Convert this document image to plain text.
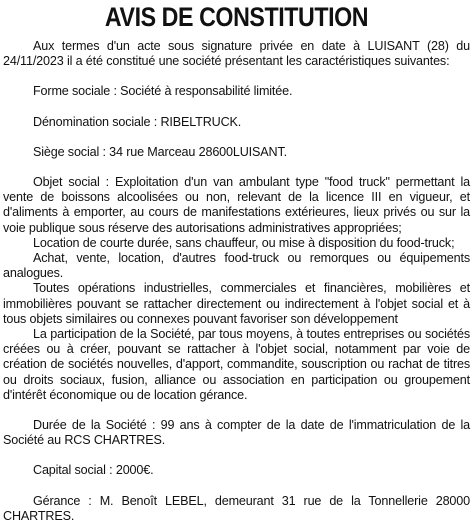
AVIS DE CONSTITUTION

Aux termes d'un acte sous signature privée en date à LUISANT (28) du 24/11/2023 il a été constitué une société présentant les caractéristiques suivantes:

Forme sociale : Société à responsabilité limitée.

Dénomination sociale : RIBELTRUCK.

Siège social : 34 rue Marceau 28600LUISANT.

Objet social : Exploitation d'un van ambulant type "food truck" permettant la vente de boissons alcoolisées ou non, relevant de la licence III en vigueur, et d'aliments à emporter, au cours de manifestations extérieures, lieux privés ou sur la voie publique sous réserve des autorisations administratives appropriées;

Location de courte durée, sans chauffeur, ou mise à disposition du food-truck;

Achat, vente, location, d'autres food-truck ou remorques ou équipements analogues.

Toutes opérations industrielles, commerciales et financières, mobilières et immobilières pouvant se rattacher directement ou indirectement à l'objet social et à tous objets similaires ou connexes pouvant favoriser son développement

La participation de la Société, par tous moyens, à toutes entreprises ou sociétés créées ou à créer, pouvant se rattacher à l'objet social, notamment par voie de création de sociétés nouvelles, d'apport, commandite, souscription ou rachat de titres ou droits sociaux, fusion, alliance ou association en participation ou groupement d'intérêt économique ou de location gérance.

Durée de la Société : 99 ans à compter de la date de l'immatriculation de la Société au RCS CHARTRES.

Capital social : 2000€.

Gérance : M. Benoît LEBEL, demeurant 31 rue de la Tonnellerie 28000 CHARTRES.
